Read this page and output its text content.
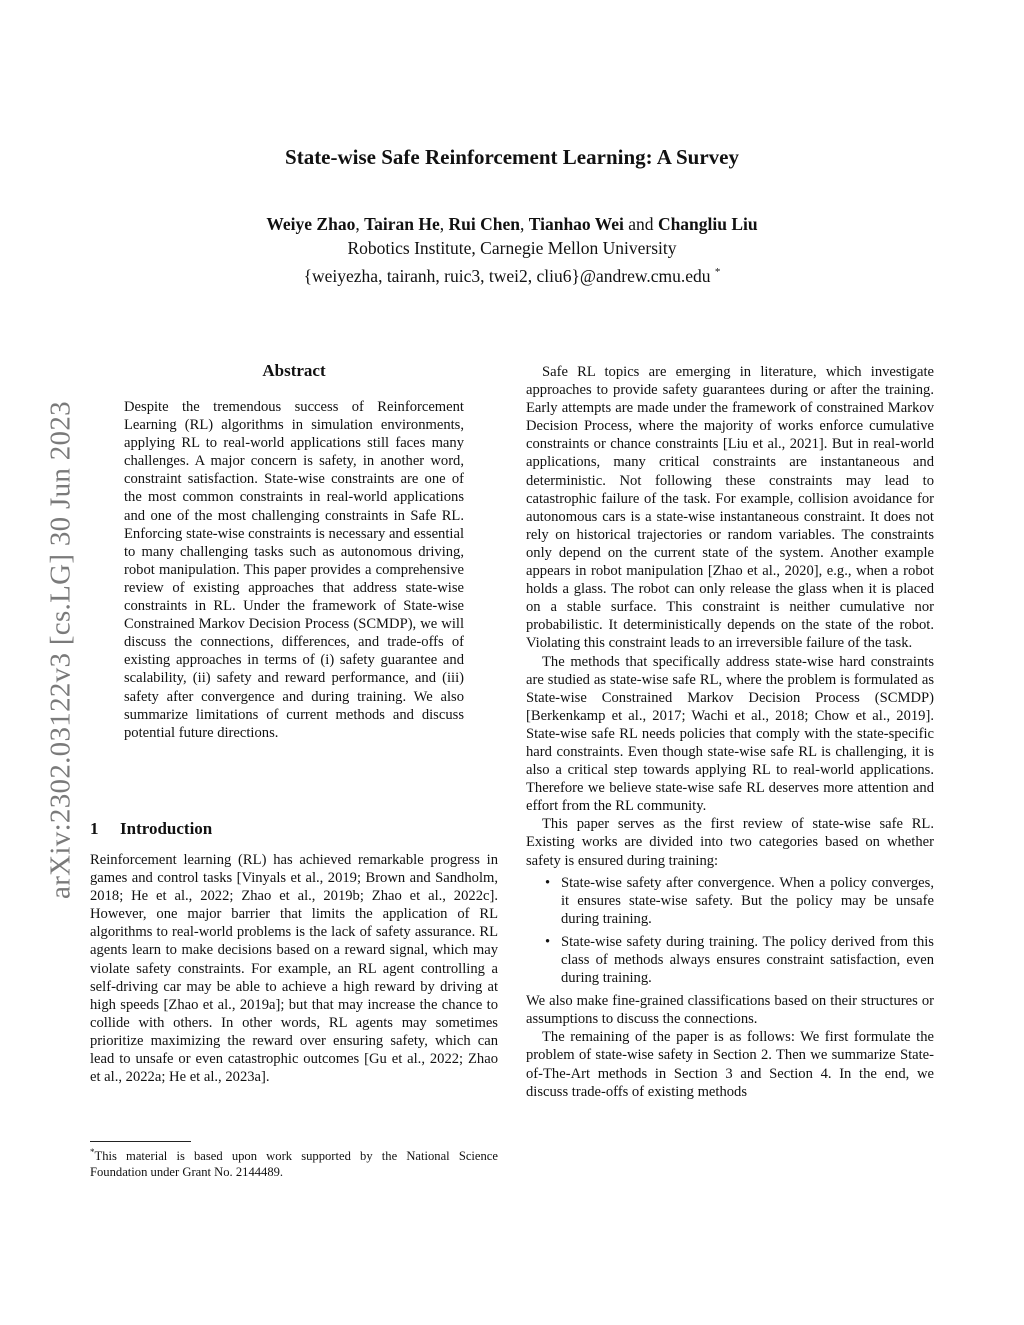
State-wise Safe Reinforcement Learning: A Survey
Weiye Zhao, Tairan He, Rui Chen, Tianhao Wei and Changliu Liu
Robotics Institute, Carnegie Mellon University
{weiyezha, tairanh, ruic3, twei2, cliu6}@andrew.cmu.edu *
arXiv:2302.03122v3 [cs.LG] 30 Jun 2023
Abstract

Despite the tremendous success of Reinforcement Learning (RL) algorithms in simulation environments, applying RL to real-world applications still faces many challenges. A major concern is safety, in another word, constraint satisfaction. State-wise constraints are one of the most common constraints in real-world applications and one of the most challenging constraints in Safe RL. Enforcing state-wise constraints is necessary and essential to many challenging tasks such as autonomous driving, robot manipulation. This paper provides a comprehensive review of existing approaches that address state-wise constraints in RL. Under the framework of State-wise Constrained Markov Decision Process (SCMDP), we will discuss the connections, differences, and trade-offs of existing approaches in terms of (i) safety guarantee and scalability, (ii) safety and reward performance, and (iii) safety after convergence and during training. We also summarize limitations of current methods and discuss potential future directions.

1 Introduction

Reinforcement learning (RL) has achieved remarkable progress in games and control tasks [Vinyals et al., 2019; Brown and Sandholm, 2018; He et al., 2022; Zhao et al., 2019b; Zhao et al., 2022c]. However, one major barrier that limits the application of RL algorithms to real-world problems is the lack of safety assurance. RL agents learn to make decisions based on a reward signal, which may violate safety constraints. For example, an RL agent controlling a self-driving car may be able to achieve a high reward by driving at high speeds [Zhao et al., 2019a]; but that may increase the chance to collide with others. In other words, RL agents may sometimes prioritize maximizing the reward over ensuring safety, which can lead to unsafe or even catastrophic outcomes [Gu et al., 2022; Zhao et al., 2022a; He et al., 2023a].

*This material is based upon work supported by the National Science Foundation under Grant No. 2144489.

Safe RL topics are emerging in literature, which investigate approaches to provide safety guarantees during or after the training. Early attempts are made under the framework of constrained Markov Decision Process, where the majority of works enforce cumulative constraints or chance constraints [Liu et al., 2021]. But in real-world applications, many critical constraints are instantaneous and deterministic. Not following these constraints may lead to catastrophic failure of the task. For example, collision avoidance for autonomous cars is a state-wise instantaneous constraint. It does not rely on historical trajectories or random variables. The constraints only depend on the current state of the system. Another example appears in robot manipulation [Zhao et al., 2020], e.g., when a robot holds a glass. The robot can only release the glass when it is placed on a stable surface. This constraint is neither cumulative nor probabilistic. It deterministically depends on the state of the robot. Violating this constraint leads to an irreversible failure of the task.

The methods that specifically address state-wise hard constraints are studied as state-wise safe RL, where the problem is formulated as State-wise Constrained Markov Decision Process (SCMDP) [Berkenkamp et al., 2017; Wachi et al., 2018; Chow et al., 2019]. State-wise safe RL needs policies that comply with the state-specific hard constraints. Even though state-wise safe RL is challenging, it is also a critical step towards applying RL to real-world applications. Therefore we believe state-wise safe RL deserves more attention and effort from the RL community.

This paper serves as the first review of state-wise safe RL. Existing works are divided into two categories based on whether safety is ensured during training:

• State-wise safety after convergence. When a policy converges, it ensures state-wise safety. But the policy may be unsafe during training.
• State-wise safety during training. The policy derived from this class of methods always ensures constraint satisfaction, even during training.

We also make fine-grained classifications based on their structures or assumptions to discuss the connections.

The remaining of the paper is as follows: We first formulate the problem of state-wise safety in Section 2. Then we summarize State-of-The-Art methods in Section 3 and Section 4. In the end, we discuss trade-offs of existing methods
